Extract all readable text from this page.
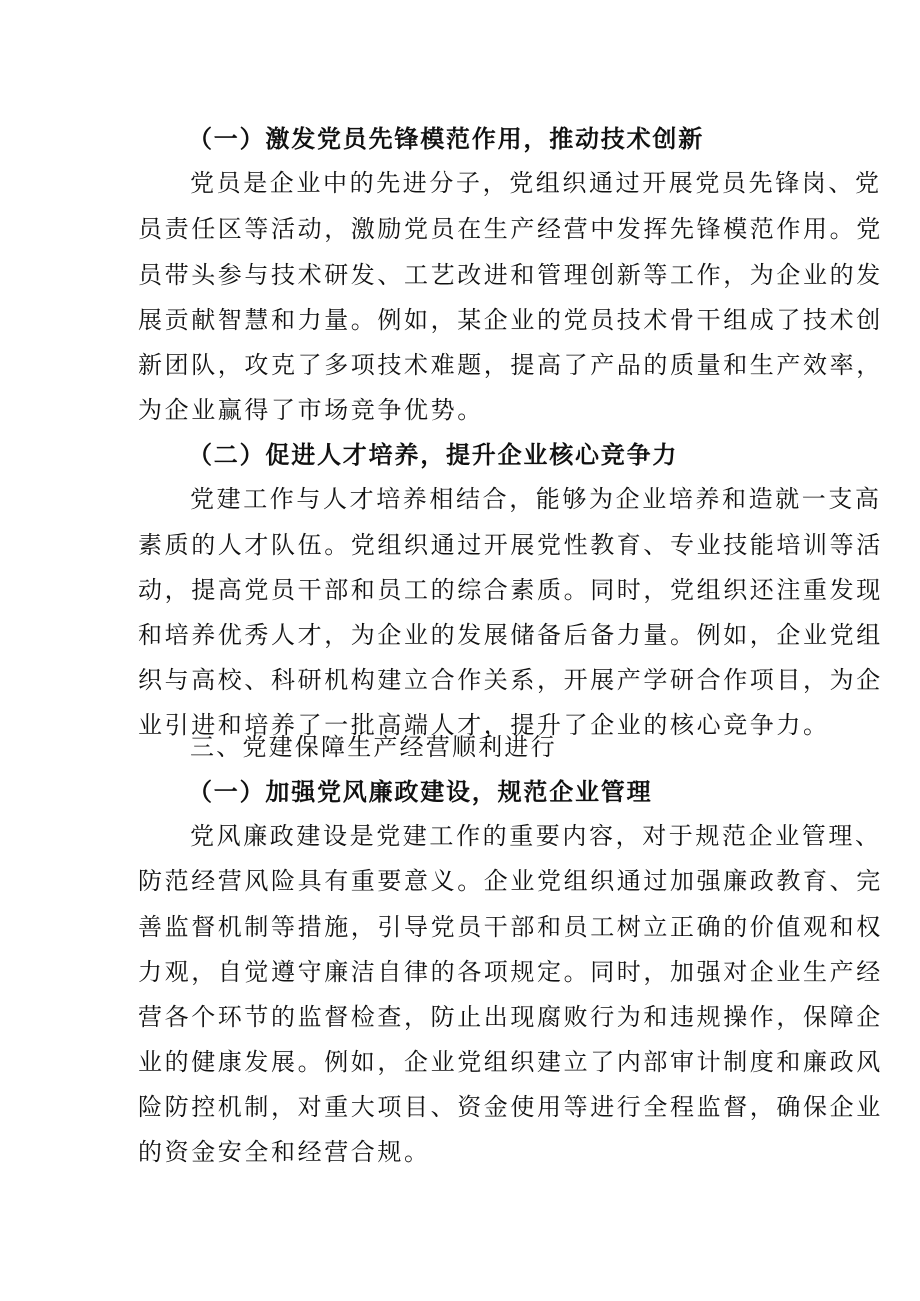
（一）激发党员先锋模范作用，推动技术创新
党员是企业中的先进分子，党组织通过开展党员先锋岗、党
员责任区等活动，激励党员在生产经营中发挥先锋模范作用。党
员带头参与技术研发、工艺改进和管理创新等工作，为企业的发
展贡献智慧和力量。例如，某企业的党员技术骨干组成了技术创
新团队，攻克了多项技术难题，提高了产品的质量和生产效率，
为企业赢得了市场竞争优势。
（二）促进人才培养，提升企业核心竞争力
党建工作与人才培养相结合，能够为企业培养和造就一支高
素质的人才队伍。党组织通过开展党性教育、专业技能培训等活
动，提高党员干部和员工的综合素质。同时，党组织还注重发现
和培养优秀人才，为企业的发展储备后备力量。例如，企业党组
织与高校、科研机构建立合作关系，开展产学研合作项目，为企
业引进和培养了一批高端人才，提升了企业的核心竞争力。
三、党建保障生产经营顺利进行
（一）加强党风廉政建设，规范企业管理
党风廉政建设是党建工作的重要内容，对于规范企业管理、
防范经营风险具有重要意义。企业党组织通过加强廉政教育、完
善监督机制等措施，引导党员干部和员工树立正确的价值观和权
力观，自觉遵守廉洁自律的各项规定。同时，加强对企业生产经
营各个环节的监督检查，防止出现腐败行为和违规操作，保障企
业的健康发展。例如，企业党组织建立了内部审计制度和廉政风
险防控机制，对重大项目、资金使用等进行全程监督，确保企业
的资金安全和经营合规。
